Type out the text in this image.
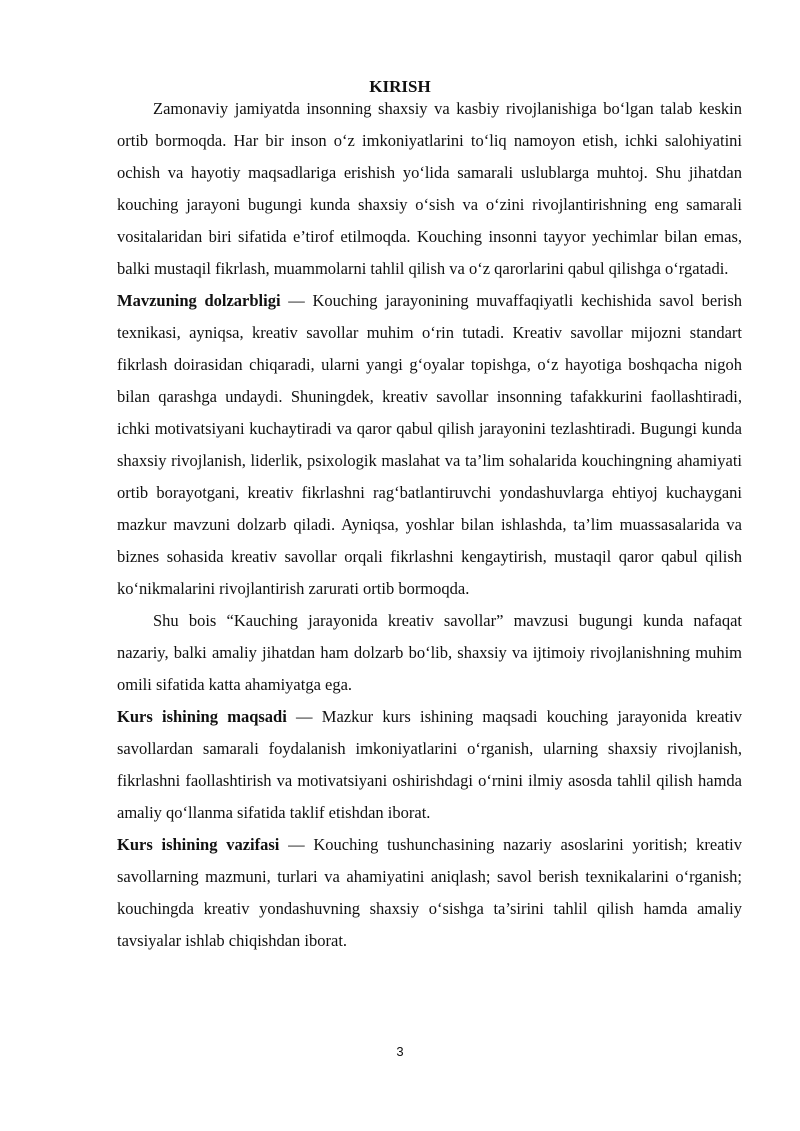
KIRISH

Zamonaviy jamiyatda insonning shaxsiy va kasbiy rivojlanishiga bo‘lgan talab keskin ortib bormoqda. Har bir inson o‘z imkoniyatlarini to‘liq namoyon etish, ichki salohiyatini ochish va hayotiy maqsadlariga erishish yo‘lida samarali uslublarga muhtoj. Shu jihatdan kouching jarayoni bugungi kunda shaxsiy o‘sish va o‘zini rivojlantirishning eng samarali vositalaridan biri sifatida e’tirof etilmoqda. Kouching insonni tayyor yechimlar bilan emas, balki mustaqil fikrlash, muammolarni tahlil qilish va o‘z qarorlarini qabul qilishga o‘rgatadi.

Mavzuning dolzarbligi — Kouching jarayonining muvaffaqiyatli kechishida savol berish texnikasi, ayniqsa, kreativ savollar muhim o‘rin tutadi. Kreativ savollar mijozni standart fikrlash doirasidan chiqaradi, ularni yangi g‘oyalar topishga, o‘z hayotiga boshqacha nigoh bilan qarashga undaydi. Shuningdek, kreativ savollar insonning tafakkurini faollashtiradi, ichki motivatsiyani kuchaytiradi va qaror qabul qilish jarayonini tezlashtiradi. Bugungi kunda shaxsiy rivojlanish, liderlik, psixologik maslahat va ta’lim sohalarida kouchingning ahamiyati ortib borayotgani, kreativ fikrlashni rag‘batlantiruvchi yondashuvlarga ehtiyoj kuchaygani mazkur mavzuni dolzarb qiladi. Ayniqsa, yoshlar bilan ishlashda, ta’lim muassasalarida va biznes sohasida kreativ savollar orqali fikrlashni kengaytirish, mustaqil qaror qabul qilish ko‘nikmalarini rivojlantirish zarurati ortib bormoqda.

Shu bois “Kauching jarayonida kreativ savollar” mavzusi bugungi kunda nafaqat nazariy, balki amaliy jihatdan ham dolzarb bo‘lib, shaxsiy va ijtimoiy rivojlanishning muhim omili sifatida katta ahamiyatga ega.

Kurs ishining maqsadi — Mazkur kurs ishining maqsadi kouching jarayonida kreativ savollardan samarali foydalanish imkoniyatlarini o‘rganish, ularning shaxsiy rivojlanish, fikrlashni faollashtirish va motivatsiyani oshirishdagi o‘rnini ilmiy asosda tahlil qilish hamda amaliy qo‘llanma sifatida taklif etishdan iborat.

Kurs ishining vazifasi — Kouching tushunchasining nazariy asoslarini yoritish; kreativ savollarning mazmuni, turlari va ahamiyatini aniqlash; savol berish texnikalarini o‘rganish; kouchingda kreativ yondashuvning shaxsiy o‘sishga ta’sirini tahlil qilish hamda amaliy tavsiyalar ishlab chiqishdan iborat.

3
